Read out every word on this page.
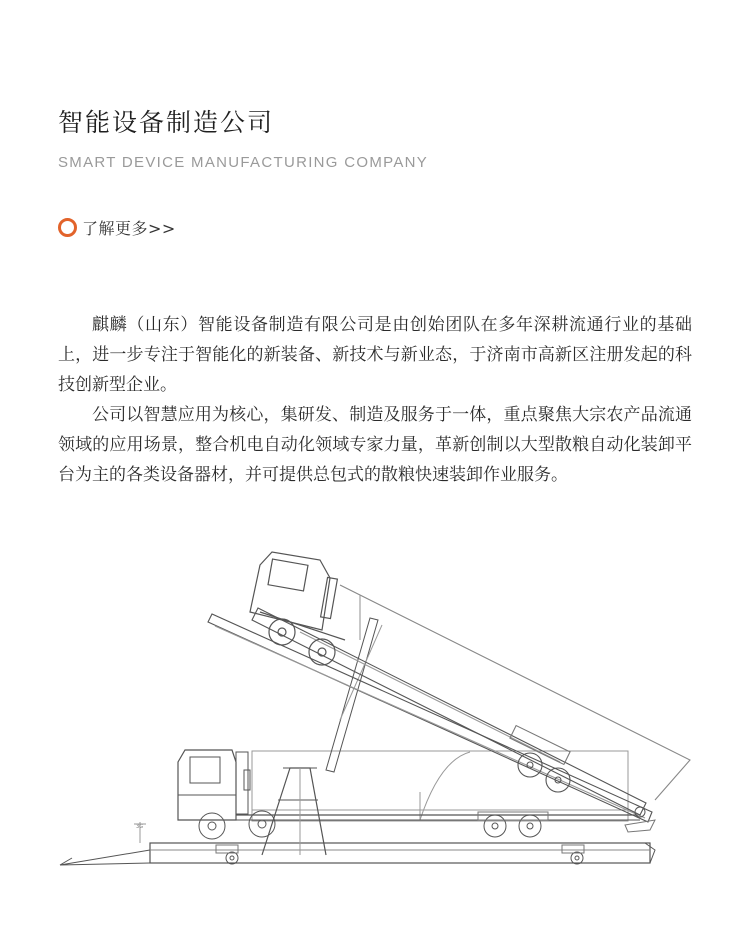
智能设备制造公司
SMART DEVICE MANUFACTURING COMPANY
了解更多>>

麒麟（山东）智能设备制造有限公司是由创始团队在多年深耕流通行业的基础上，进一步专注于智能化的新装备、新技术与新业态，于济南市高新区注册发起的科技创新型企业。

公司以智慧应用为核心，集研发、制造及服务于一体，重点聚焦大宗农产品流通领域的应用场景，整合机电自动化领域专家力量，革新创制以大型散粮自动化装卸平台为主的各类设备器材，并可提供总包式的散粮快速装卸作业服务。

3G
